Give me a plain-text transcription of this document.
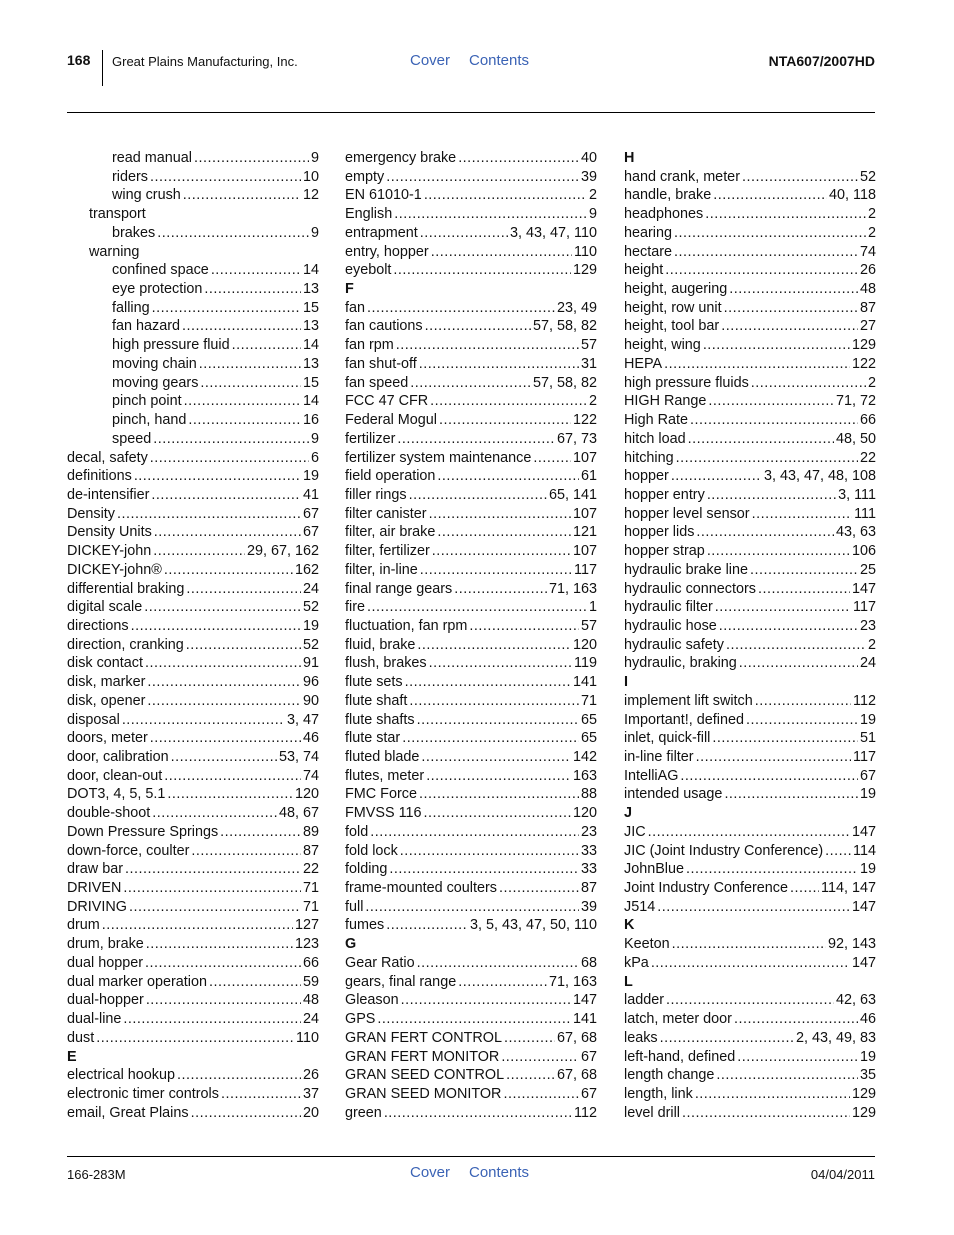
168 Great Plains Manufacturing, Inc.	Cover Contents	NTA607/2007HD
read manual .....	9
riders .....	10
wing crush .....	12
transport
brakes .....	9
warning
confined space .....	14
eye protection .....	13
falling .....	15
fan hazard .....	13
high pressure fluid .....	14
moving chain .....	13
moving gears .....	15
pinch point .....	14
pinch, hand .....	16
speed .....	9
decal, safety .....	6
definitions .....	19
de-intensifier .....	41
Density .....	67
Density Units .....	67
DICKEY-john .....	29, 67, 162
DICKEY-john® .....	162
differential braking .....	24
digital scale .....	52
directions .....	19
direction, cranking .....	52
disk contact .....	91
disk, marker .....	96
disk, opener .....	90
disposal .....	3, 47
doors, meter .....	46
door, calibration .....	53, 74
door, clean-out .....	74
DOT3, 4, 5, 5.1 .....	120
double-shoot .....	48, 67
Down Pressure Springs .....	89
down-force, coulter .....	87
draw bar .....	22
DRIVEN .....	71
DRIVING .....	71
drum .....	127
drum, brake .....	123
dual hopper .....	66
dual marker operation .....	59
dual-hopper .....	48
dual-line .....	24
dust .....	110
E
electrical hookup .....	26
electronic timer controls .....	37
email, Great Plains .....	20
emergency brake .....	40
empty .....	39
EN 61010-1 .....	2
English .....	9
entrapment .....	3, 43, 47, 110
entry, hopper .....	110
eyebolt .....	129
F
fan .....	23, 49
fan cautions .....	57, 58, 82
fan rpm .....	57
fan shut-off .....	31
fan speed .....	57, 58, 82
FCC 47 CFR .....	2
Federal Mogul .....	122
fertilizer .....	67, 73
fertilizer system maintenance .....	107
field operation .....	61
filler rings .....	65, 141
filter canister .....	107
filter, air brake .....	121
filter, fertilizer .....	107
filter, in-line .....	117
final range gears .....	71, 163
fire .....	1
fluctuation, fan rpm .....	57
fluid, brake .....	120
flush, brakes .....	119
flute sets .....	141
flute shaft .....	71
flute shafts .....	65
flute star .....	65
fluted blade .....	142
flutes, meter .....	163
FMC Force .....	88
FMVSS 116 .....	120
fold .....	23
fold lock .....	33
folding .....	33
frame-mounted coulters .....	87
full .....	39
fumes .....	3, 5, 43, 47, 50, 110
G
Gear Ratio .....	68
gears, final range .....	71, 163
Gleason .....	147
GPS .....	141
GRAN FERT CONTROL .....	67, 68
GRAN FERT MONITOR .....	67
GRAN SEED CONTROL .....	67, 68
GRAN SEED MONITOR .....	67
green .....	112
H
hand crank, meter .....	52
handle, brake .....	40, 118
headphones .....	2
hearing .....	2
hectare .....	74
height .....	26
height, augering .....	48
height, row unit .....	87
height, tool bar .....	27
height, wing .....	129
HEPA .....	122
high pressure fluids .....	2
HIGH Range .....	71, 72
High Rate .....	66
hitch load .....	48, 50
hitching .....	22
hopper .....	3, 43, 47, 48, 108
hopper entry .....	3, 111
hopper level sensor .....	111
hopper lids .....	43, 63
hopper strap .....	106
hydraulic brake line .....	25
hydraulic connectors .....	147
hydraulic filter .....	117
hydraulic hose .....	23
hydraulic safety .....	2
hydraulic, braking .....	24
I
implement lift switch .....	112
Important!, defined .....	19
inlet, quick-fill .....	51
in-line filter .....	117
IntelliAG .....	67
intended usage .....	19
J
JIC .....	147
JIC (Joint Industry Conference) ..... 114
JohnBlue .....	19
Joint Industry Conference ..... 114, 147
J514 .....	147
K
Keeton .....	92, 143
kPa .....	147
L
ladder .....	42, 63
latch, meter door .....	46
leaks .....	2, 43, 49, 83
left-hand, defined .....	19
length change .....	35
length, link .....	129
level drill .....	129
166-283M	Cover Contents	04/04/2011
